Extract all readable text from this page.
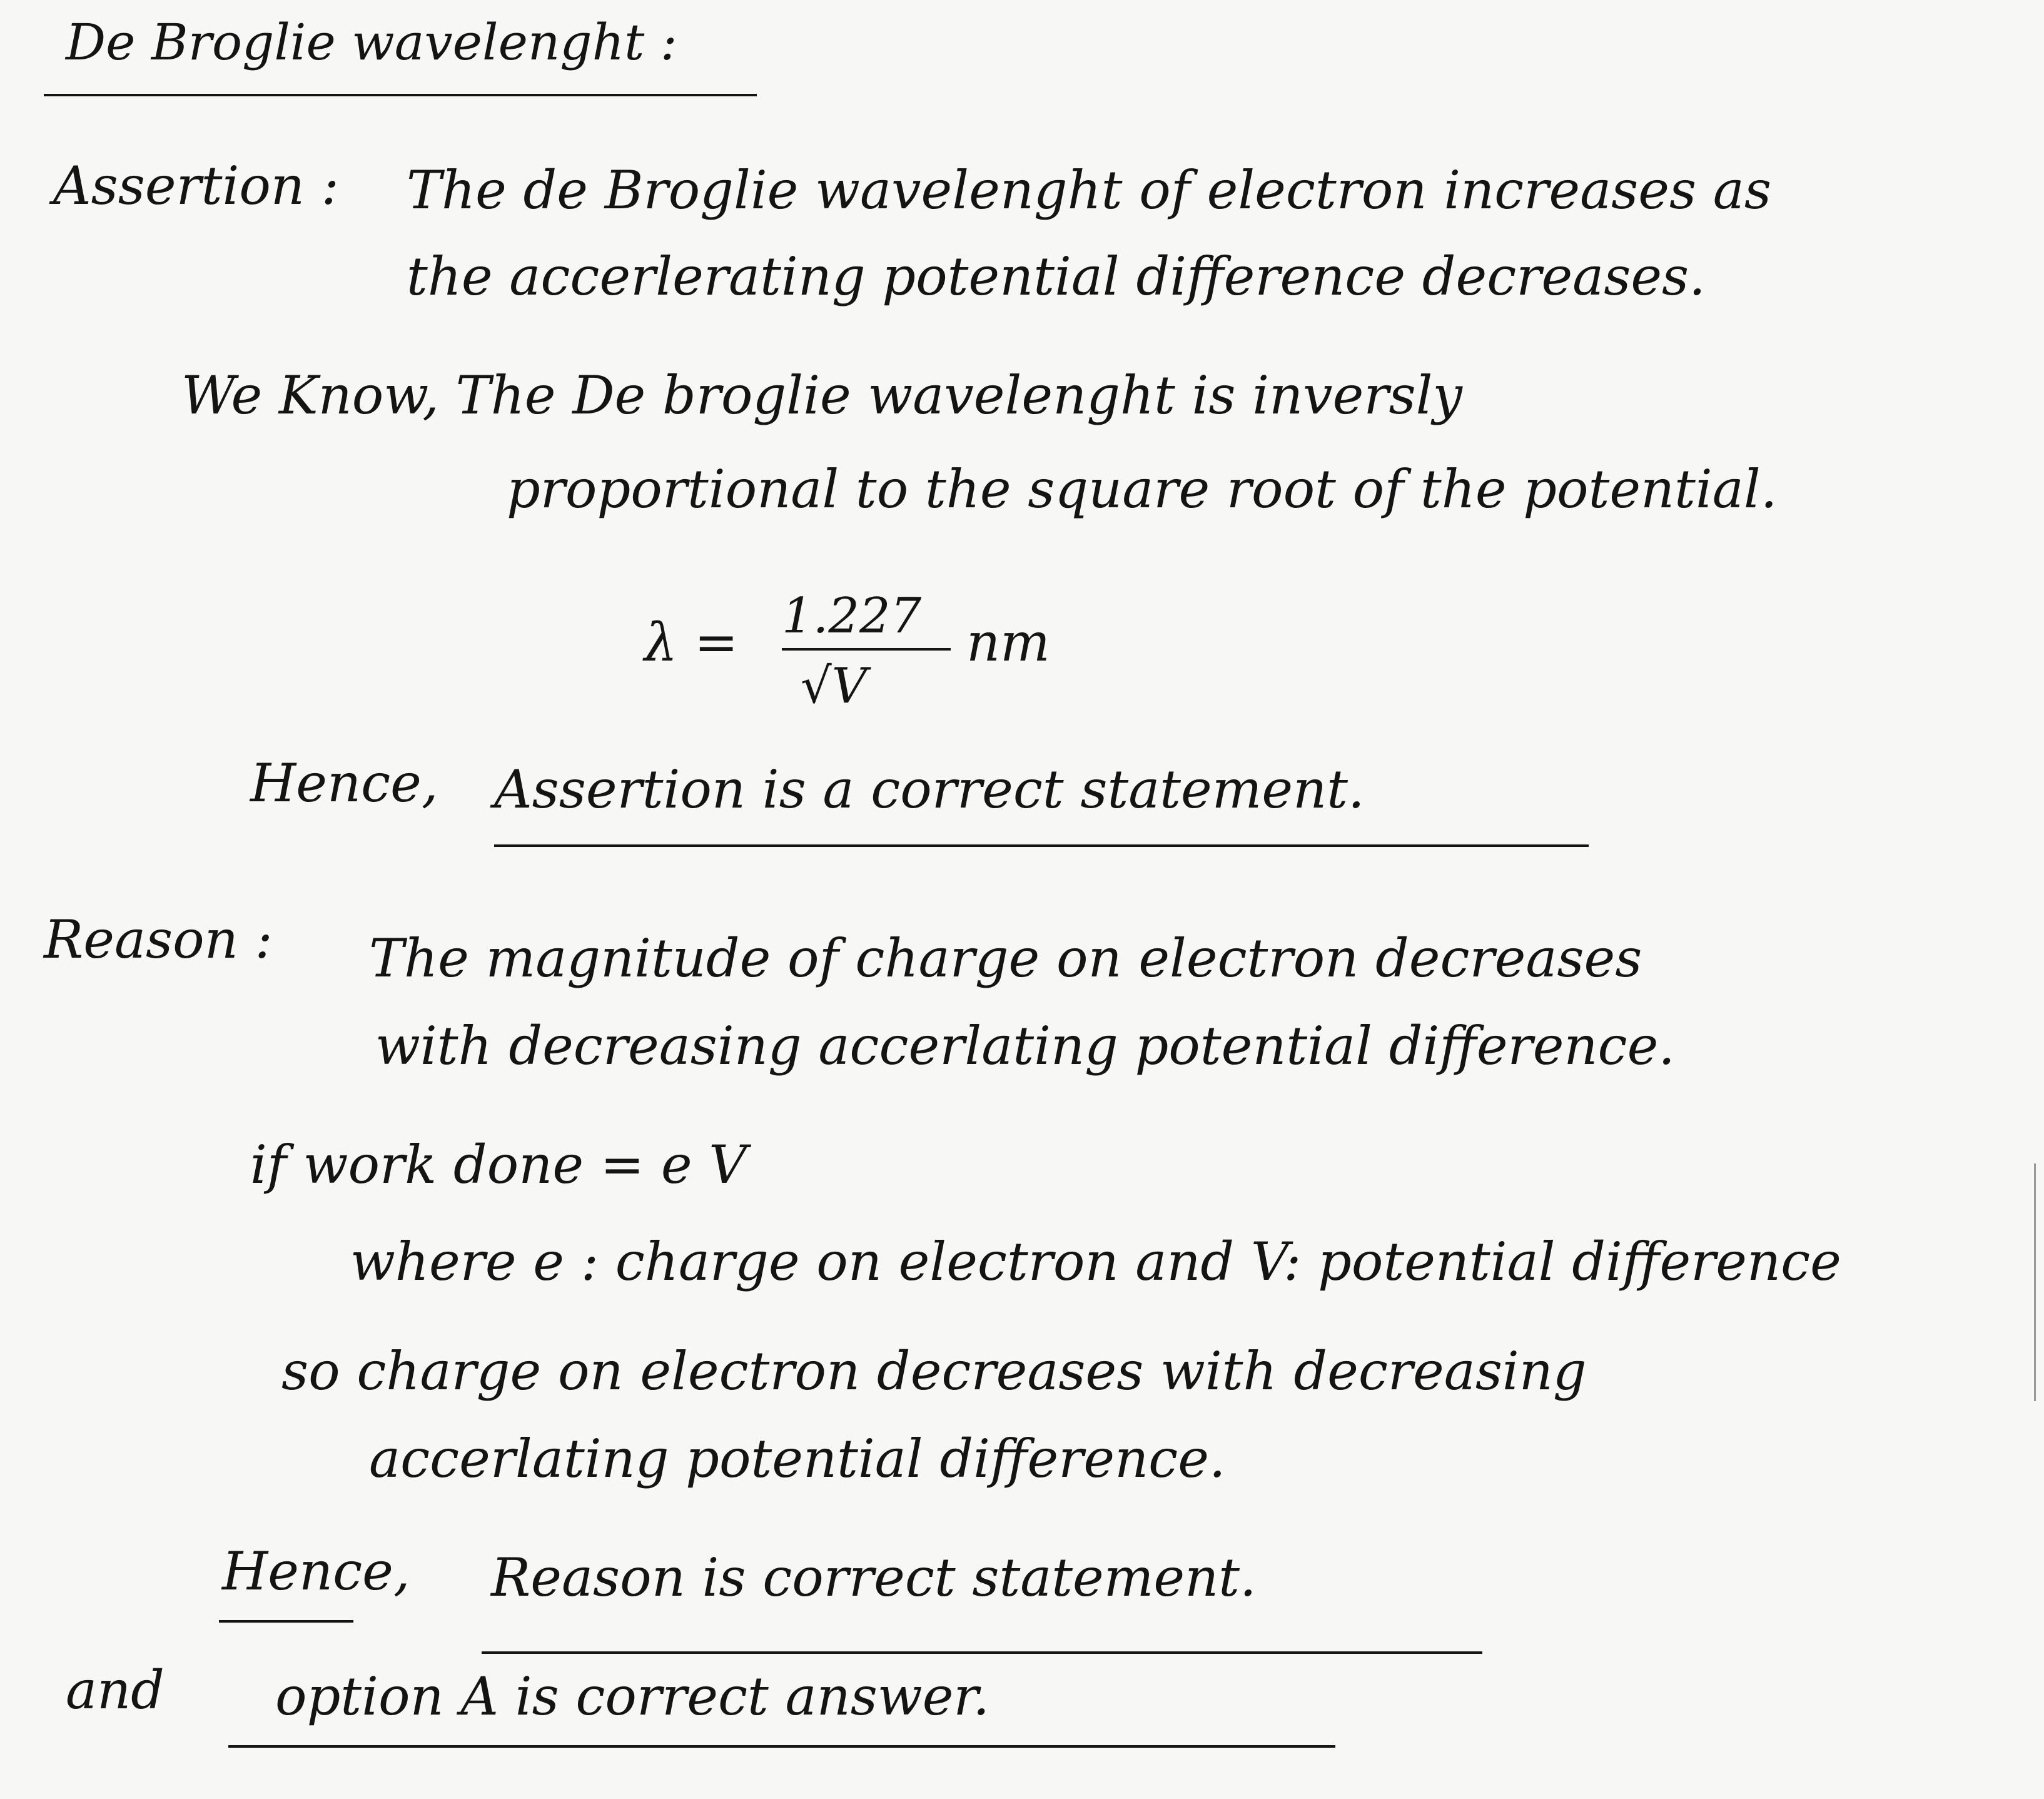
De Broglie wavelenght :
Assertion : The de Broglie wavelenght of electron increases as
the accerlerating potential difference decreases.
We Know, The De broglie wavelenght is inversly
proportional to the square root of the potential.
λ = 1.227
√V
nm
Hence, Assertion is a correct statement.
Reason : The magnitude of charge on electron decreases
with decreasing accerlating potential difference.
if work done = e V
where e : charge on electron and V: potential difference
so charge on electron decreases with decreasing
accerlating potential difference.
Hence, Reason is correct statement.
and option A is correct answer.
